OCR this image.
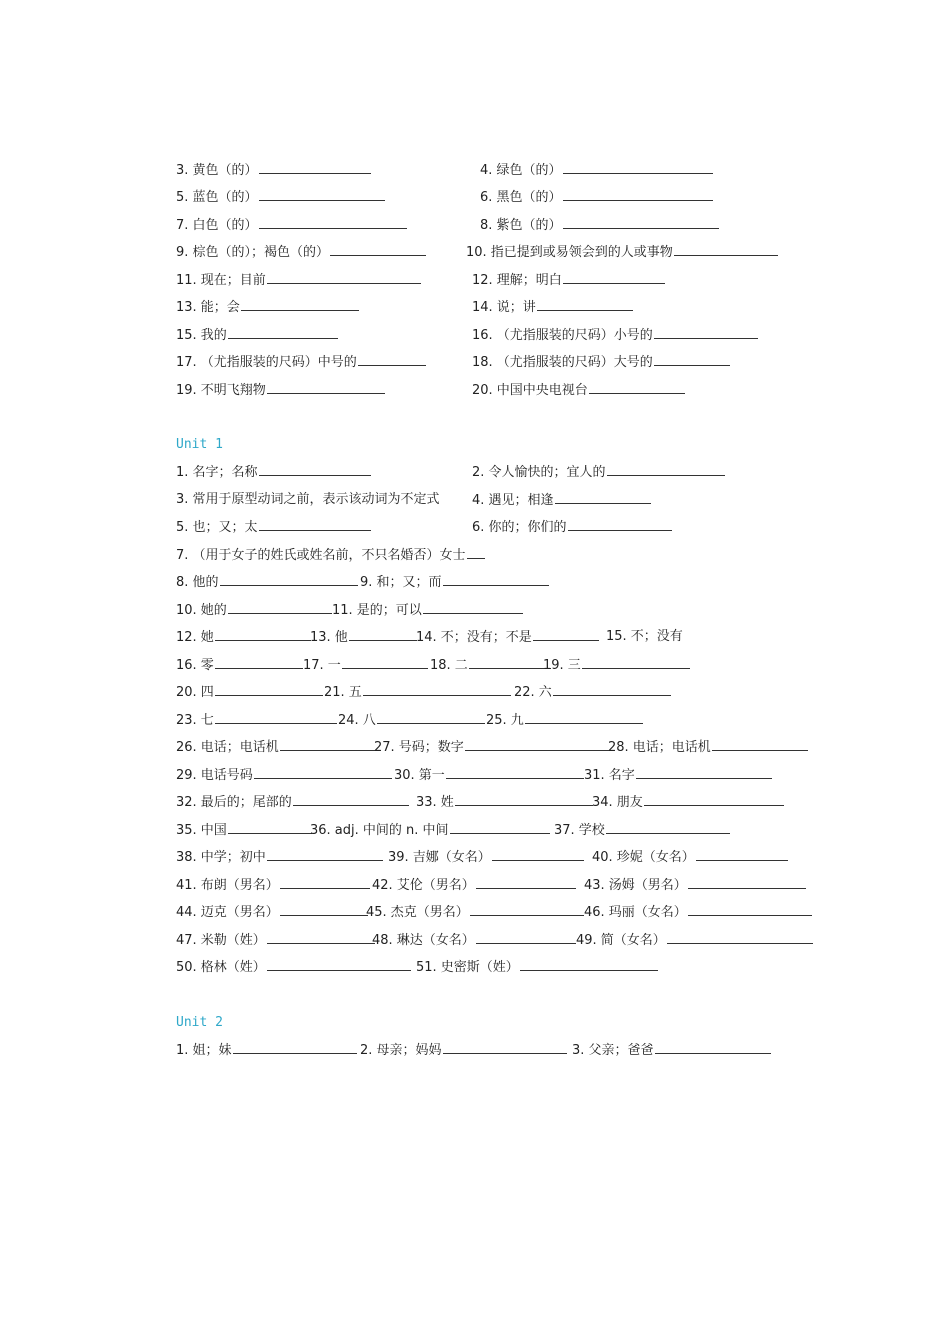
3. 黄色（的）	4. 绿色（的）
5. 蓝色（的）	6. 黑色（的）
7. 白色（的）	8. 紫色（的）
9. 棕色（的）；褐色（的）	10. 指已提到或易领会到的人或事物
11. 现在；目前	12. 理解；明白
13. 能；会	14. 说；讲
15. 我的	16. （尤指服装的尺码）小号的
17. （尤指服装的尺码）中号的	18. （尤指服装的尺码）大号的
19. 不明飞翔物	20. 中国中央电视台
Unit 1
1. 名字；名称	2. 令人愉快的；宜人的
3. 常用于原型动词之前，表示该动词为不定式 4. 遇见；相逢
5. 也；又；太	6. 你的；你们的
7. （用于女子的姓氏或姓名前，不只名婚否）女士
8. 他的	9. 和；又；而
10. 她的	11. 是的；可以
12. 她	13. 他	14. 不；没有；不是	15. 不；没有
16. 零	17. 一	18. 二	19. 三
20. 四	21. 五	22. 六
23. 七	24. 八	25. 九
26. 电话；电话机	27. 号码；数字	28. 电话；电话机
29. 电话号码	30. 第一	31. 名字
32. 最后的；尾部的	33. 姓	34. 朋友
35. 中国	36. adj. 中间的 n. 中间	37. 学校
38. 中学；初中	39. 吉娜（女名）	40. 珍妮（女名）
41. 布朗（男名）	42. 艾伦（男名）	43. 汤姆（男名）
44. 迈克（男名）	45. 杰克（男名）	46. 玛丽（女名）
47. 米勒（姓）	48. 琳达（女名）	49. 简（女名）
50. 格林（姓）	51. 史密斯（姓）
Unit 2
1. 姐；妹	2. 母亲；妈妈	3. 父亲；爸爸
